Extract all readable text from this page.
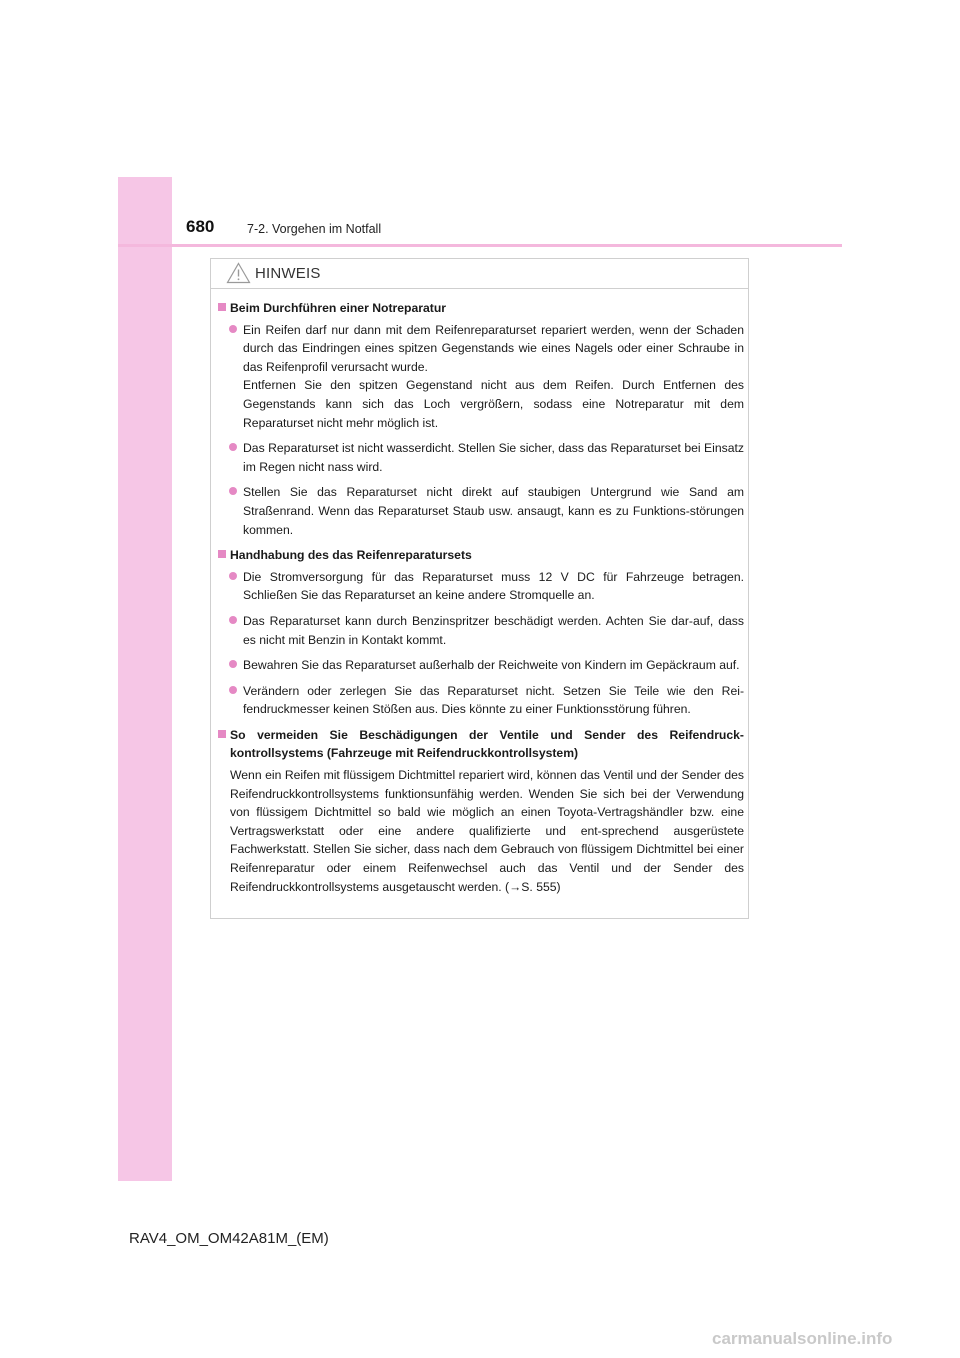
680	7-2. Vorgehen im Notfall
HINWEIS
Beim Durchführen einer Notreparatur
Ein Reifen darf nur dann mit dem Reifenreparaturset repariert werden, wenn der Schaden durch das Eindringen eines spitzen Gegenstands wie eines Nagels oder einer Schraube in das Reifenprofil verursacht wurde.
Entfernen Sie den spitzen Gegenstand nicht aus dem Reifen. Durch Entfernen des Gegenstands kann sich das Loch vergrößern, sodass eine Notreparatur mit dem Reparaturset nicht mehr möglich ist.
Das Reparaturset ist nicht wasserdicht. Stellen Sie sicher, dass das Reparaturset bei Einsatz im Regen nicht nass wird.
Stellen Sie das Reparaturset nicht direkt auf staubigen Untergrund wie Sand am Straßenrand. Wenn das Reparaturset Staub usw. ansaugt, kann es zu Funktions-störungen kommen.
Handhabung des das Reifenreparatursets
Die Stromversorgung für das Reparaturset muss 12 V DC für Fahrzeuge betragen. Schließen Sie das Reparaturset an keine andere Stromquelle an.
Das Reparaturset kann durch Benzinspritzer beschädigt werden. Achten Sie dar-auf, dass es nicht mit Benzin in Kontakt kommt.
Bewahren Sie das Reparaturset außerhalb der Reichweite von Kindern im Gepäckraum auf.
Verändern oder zerlegen Sie das Reparaturset nicht. Setzen Sie Teile wie den Rei-fendruckmesser keinen Stößen aus. Dies könnte zu einer Funktionsstörung führen.
So vermeiden Sie Beschädigungen der Ventile und Sender des Reifendruck-kontrollsystems (Fahrzeuge mit Reifendruckkontrollsystem)
Wenn ein Reifen mit flüssigem Dichtmittel repariert wird, können das Ventil und der Sender des Reifendruckkontrollsystems funktionsunfähig werden. Wenden Sie sich bei der Verwendung von flüssigem Dichtmittel so bald wie möglich an einen Toyota-Vertragshändler bzw. eine Vertragswerkstatt oder eine andere qualifizierte und ent-sprechend ausgerüstete Fachwerkstatt. Stellen Sie sicher, dass nach dem Gebrauch von flüssigem Dichtmittel bei einer Reifenreparatur oder einem Reifenwechsel auch das Ventil und der Sender des Reifendruckkontrollsystems ausgetauscht werden. (→S. 555)
RAV4_OM_OM42A81M_(EM)
carmanualsonline.info
